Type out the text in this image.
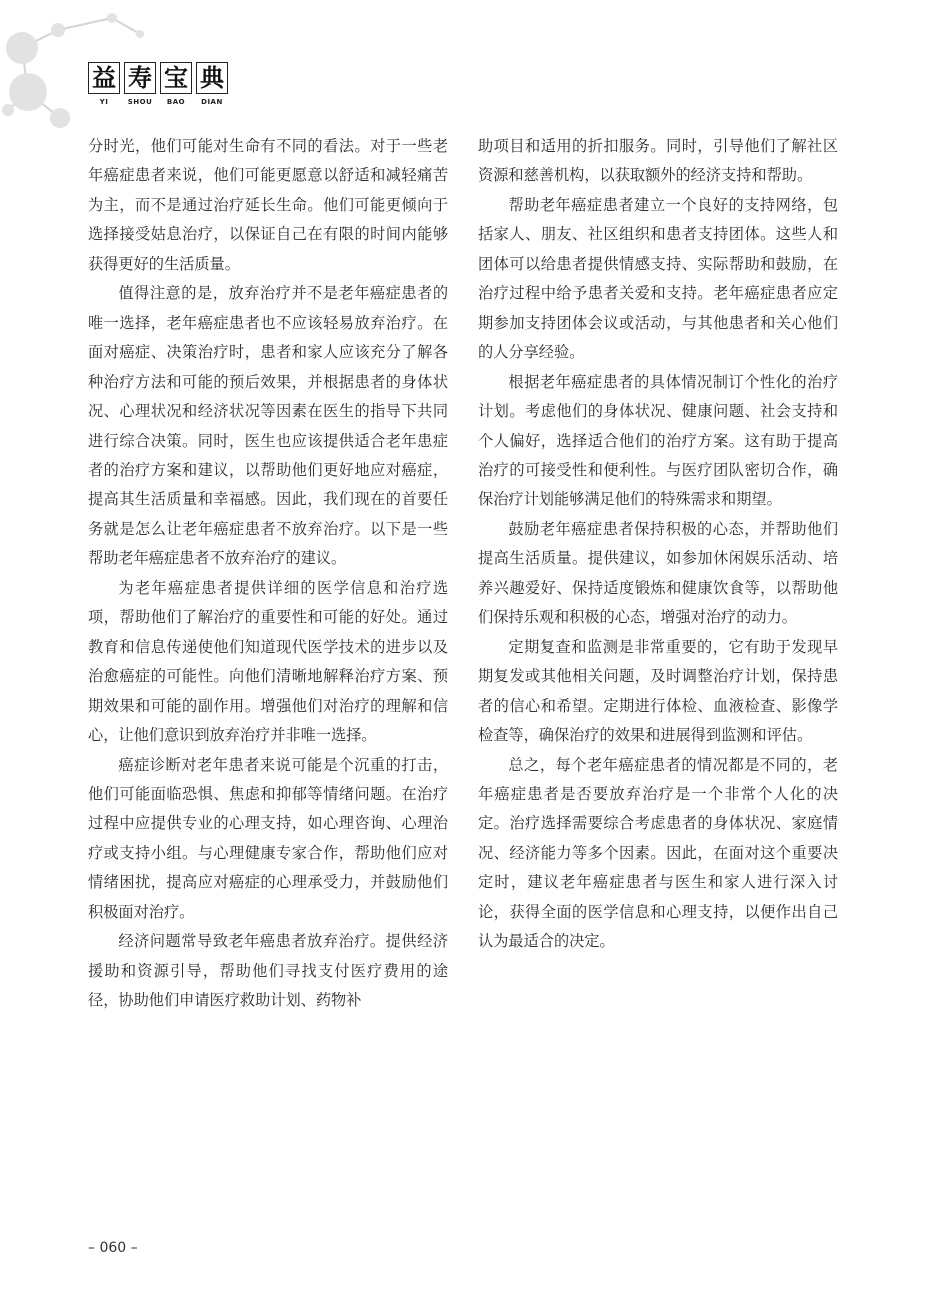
益 寿 宝 典
YI	SHOU	BAO	DIAN

分时光，他们可能对生命有不同的看法。对于一些老年癌症患者来说，他们可能更愿意以舒适和减轻痛苦为主，而不是通过治疗延长生命。他们可能更倾向于选择接受姑息治疗，以保证自己在有限的时间内能够获得更好的生活质量。

值得注意的是，放弃治疗并不是老年癌症患者的唯一选择，老年癌症患者也不应该轻易放弃治疗。在面对癌症、决策治疗时，患者和家人应该充分了解各种治疗方法和可能的预后效果，并根据患者的身体状况、心理状况和经济状况等因素在医生的指导下共同进行综合决策。同时，医生也应该提供适合老年患症者的治疗方案和建议，以帮助他们更好地应对癌症，提高其生活质量和幸福感。因此，我们现在的首要任务就是怎么让老年癌症患者不放弃治疗。以下是一些帮助老年癌症患者不放弃治疗的建议。

为老年癌症患者提供详细的医学信息和治疗选项，帮助他们了解治疗的重要性和可能的好处。通过教育和信息传递使他们知道现代医学技术的进步以及治愈癌症的可能性。向他们清晰地解释治疗方案、预期效果和可能的副作用。增强他们对治疗的理解和信心，让他们意识到放弃治疗并非唯一选择。

癌症诊断对老年患者来说可能是个沉重的打击，他们可能面临恐惧、焦虑和抑郁等情绪问题。在治疗过程中应提供专业的心理支持，如心理咨询、心理治疗或支持小组。与心理健康专家合作，帮助他们应对情绪困扰，提高应对癌症的心理承受力，并鼓励他们积极面对治疗。

经济问题常导致老年癌患者放弃治疗。提供经济援助和资源引导，帮助他们寻找支付医疗费用的途径，协助他们申请医疗救助计划、药物补

助项目和适用的折扣服务。同时，引导他们了解社区资源和慈善机构，以获取额外的经济支持和帮助。

帮助老年癌症患者建立一个良好的支持网络，包括家人、朋友、社区组织和患者支持团体。这些人和团体可以给患者提供情感支持、实际帮助和鼓励，在治疗过程中给予患者关爱和支持。老年癌症患者应定期参加支持团体会议或活动，与其他患者和关心他们的人分享经验。

根据老年癌症患者的具体情况制订个性化的治疗计划。考虑他们的身体状况、健康问题、社会支持和个人偏好，选择适合他们的治疗方案。这有助于提高治疗的可接受性和便利性。与医疗团队密切合作，确保治疗计划能够满足他们的特殊需求和期望。

鼓励老年癌症患者保持积极的心态，并帮助他们提高生活质量。提供建议，如参加休闲娱乐活动、培养兴趣爱好、保持适度锻炼和健康饮食等，以帮助他们保持乐观和积极的心态，增强对治疗的动力。

定期复查和监测是非常重要的，它有助于发现早期复发或其他相关问题，及时调整治疗计划，保持患者的信心和希望。定期进行体检、血液检查、影像学检查等，确保治疗的效果和进展得到监测和评估。

总之，每个老年癌症患者的情况都是不同的，老年癌症患者是否要放弃治疗是一个非常个人化的决定。治疗选择需要综合考虑患者的身体状况、家庭情况、经济能力等多个因素。因此，在面对这个重要决定时，建议老年癌症患者与医生和家人进行深入讨论，获得全面的医学信息和心理支持，以便作出自己认为最适合的决定。

– 060 –
